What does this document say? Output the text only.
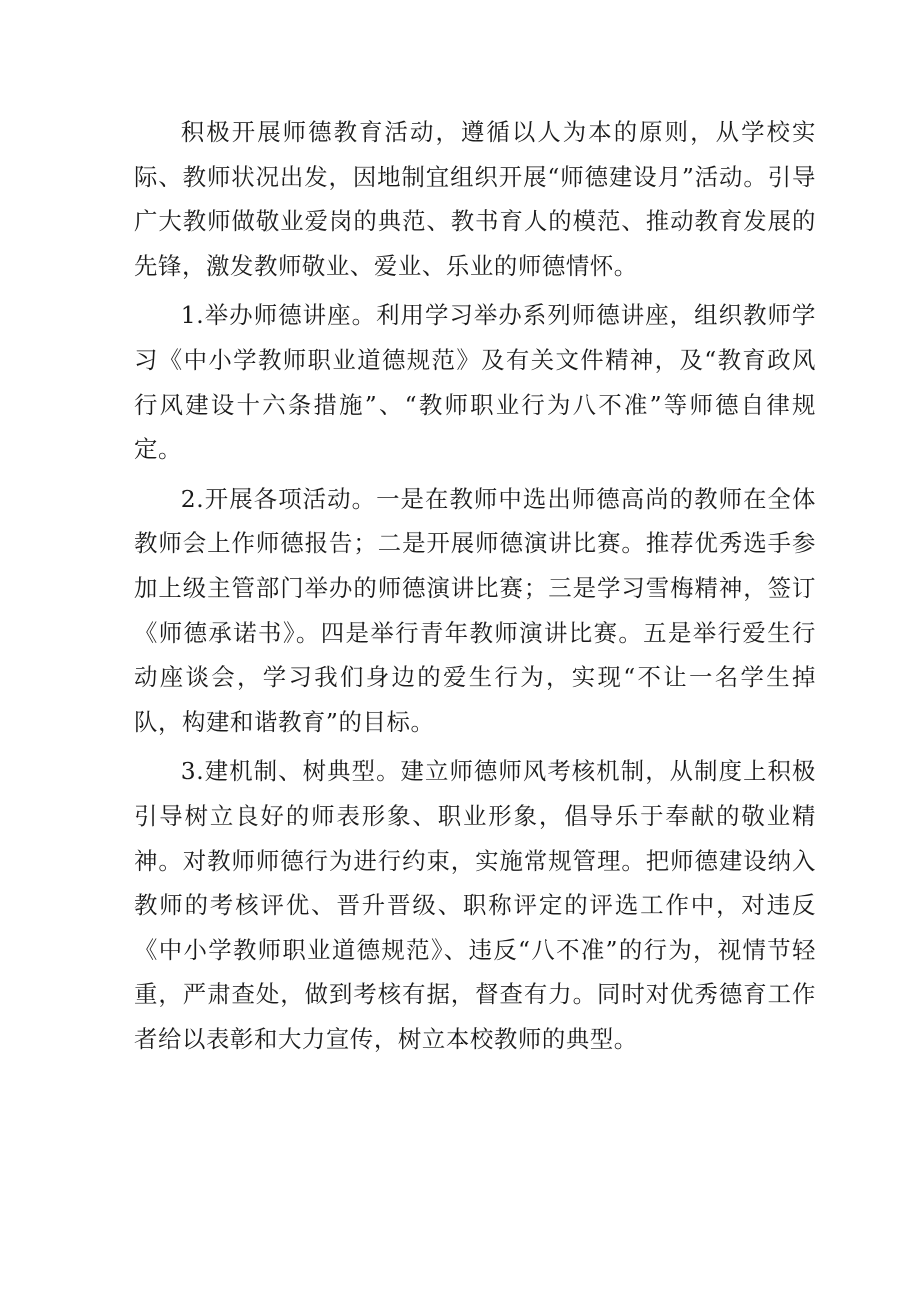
积极开展师德教育活动，遵循以人为本的原则，从学校实际、教师状况出发，因地制宜组织开展“师德建设月”活动。引导广大教师做敬业爱岗的典范、教书育人的模范、推动教育发展的先锋，激发教师敬业、爱业、乐业的师德情怀。

1.举办师德讲座。利用学习举办系列师德讲座，组织教师学习《中小学教师职业道德规范》及有关文件精神，及“教育政风行风建设十六条措施”、“教师职业行为八不准”等师德自律规定。

2.开展各项活动。一是在教师中选出师德高尚的教师在全体教师会上作师德报告；二是开展师德演讲比赛。推荐优秀选手参加上级主管部门举办的师德演讲比赛；三是学习雪梅精神，签订《师德承诺书》。四是举行青年教师演讲比赛。五是举行爱生行动座谈会，学习我们身边的爱生行为，实现“不让一名学生掉队，构建和谐教育”的目标。

3.建机制、树典型。建立师德师风考核机制，从制度上积极引导树立良好的师表形象、职业形象，倡导乐于奉献的敬业精神。对教师师德行为进行约束，实施常规管理。把师德建设纳入教师的考核评优、晋升晋级、职称评定的评选工作中，对违反《中小学教师职业道德规范》、违反“八不准”的行为，视情节轻重，严肃查处，做到考核有据，督查有力。同时对优秀德育工作者给以表彰和大力宣传，树立本校教师的典型。
